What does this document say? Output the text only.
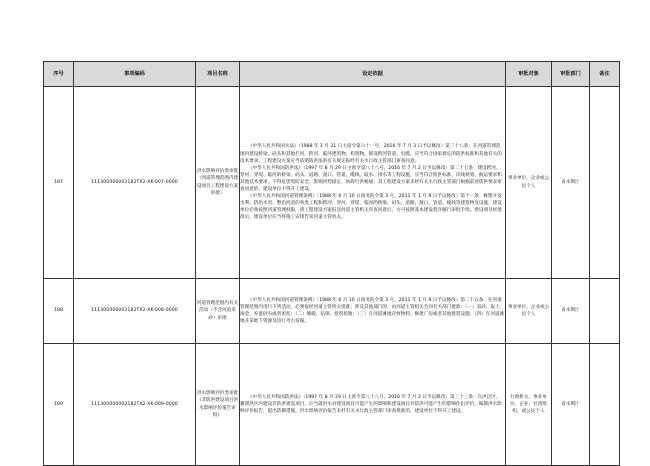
序号	事项编码	项目名称	设定依据	审批对象	审批部门	备注
187	111300000002182TX2-XK-007-0000	洪水影响评价类审批（河道管理范围内建设项目工程建设方案审批）	《中华人民共和国水法》（1988 年 1 月 21 日主席令第六十一号，2016 年 7 月 2 日予以修改）第三十八条：在河道管理范围内建设桥梁、码头和其他拦河、跨河、临河建筑物、构筑物，铺设跨河管道、电缆，应当符合国家规定的防洪标准和其他有关的技术要求，工程建设方案应当依照防洪法的有关规定报经有关水行政主管部门审查同意。

《中华人民共和国防洪法》（1997 年 8 月 29 日主席令第八十八号，2016 年 7 月 2 日予以修改）第二十七条：建设跨河、穿河、穿堤、临河的桥梁、码头、道路、渡口、管道、缆线、取水、排水等工程设施，应当符合防洪标准、岸线规划、航运要求和其他技术要求，不得危害堤防安全、影响河势稳定、妨碍行洪畅通；其工程建设方案未经有关水行政主管部门根据前述防洪要求审查同意的，建设单位不得开工建设。

《中华人民共和国河道管理条例》（1988 年 6 月 10 日国务院令第 3 号，2011 年 1 月 8 日予以修改）第十一条：修建开发水利、防治水害、整治河道的各类工程和跨河、穿河、穿堤、临河的桥梁、码头、道路、渡口、管道、缆线等建筑物及设施，建设单位必须按照河道管理权限，将工程建设方案报送河道主管机关审查同意后，方可按照基本建设程序履行审批手续。建设项目经批准后，建设单位应当将施工安排告知河道主管机关。	事业单位、企业或公民个人	省水利厅	
188	111300000002182TX2-XK-008-0000	河道管理范围内有关活动（不含河道采砂）审批	《中华人民共和国河道管理条例》（1988 年 6 月 10 日国务院令第 3 号，2011 年 1 月 8 日予以修改）第二十五条：在河道管理范围内进行下列活动，必须报经河道主管机关批准；涉及其他部门的，由河道主管机关会同有关部门批准：（一）采砂、取土、淘金、弃置砂石或者淤泥；（二）爆破、钻探、挖筑鱼塘；（三）在河道滩地存放物料、修建厂房或者其他建筑设施；（四）在河道滩地开采地下资源及进行考古发掘。	事业单位、企业或公民个人	省水利厅	
189	111300000002182TX2-XK-009-0000	洪水影响评价类审批（非防洪建设项目洪水影响评价报告审批）	《中华人民共和国防洪法》（1997 年 8 月 29 日主席令第八十八号，2016 年 7 月 2 日予以修改）第三十三条：在洪泛区、蓄滞洪区内建设非防洪建设项目，应当就洪水对建设项目可能产生的影响和建设项目对防洪可能产生的影响作出评价，编制洪水影响评价报告，提出防御措施。洪水影响评价报告未经有关水行政主管部门审查批准的，建设单位不得开工建设。	行政机关、事业单位、企业、社团组织、或公民个人	省水利厅	
